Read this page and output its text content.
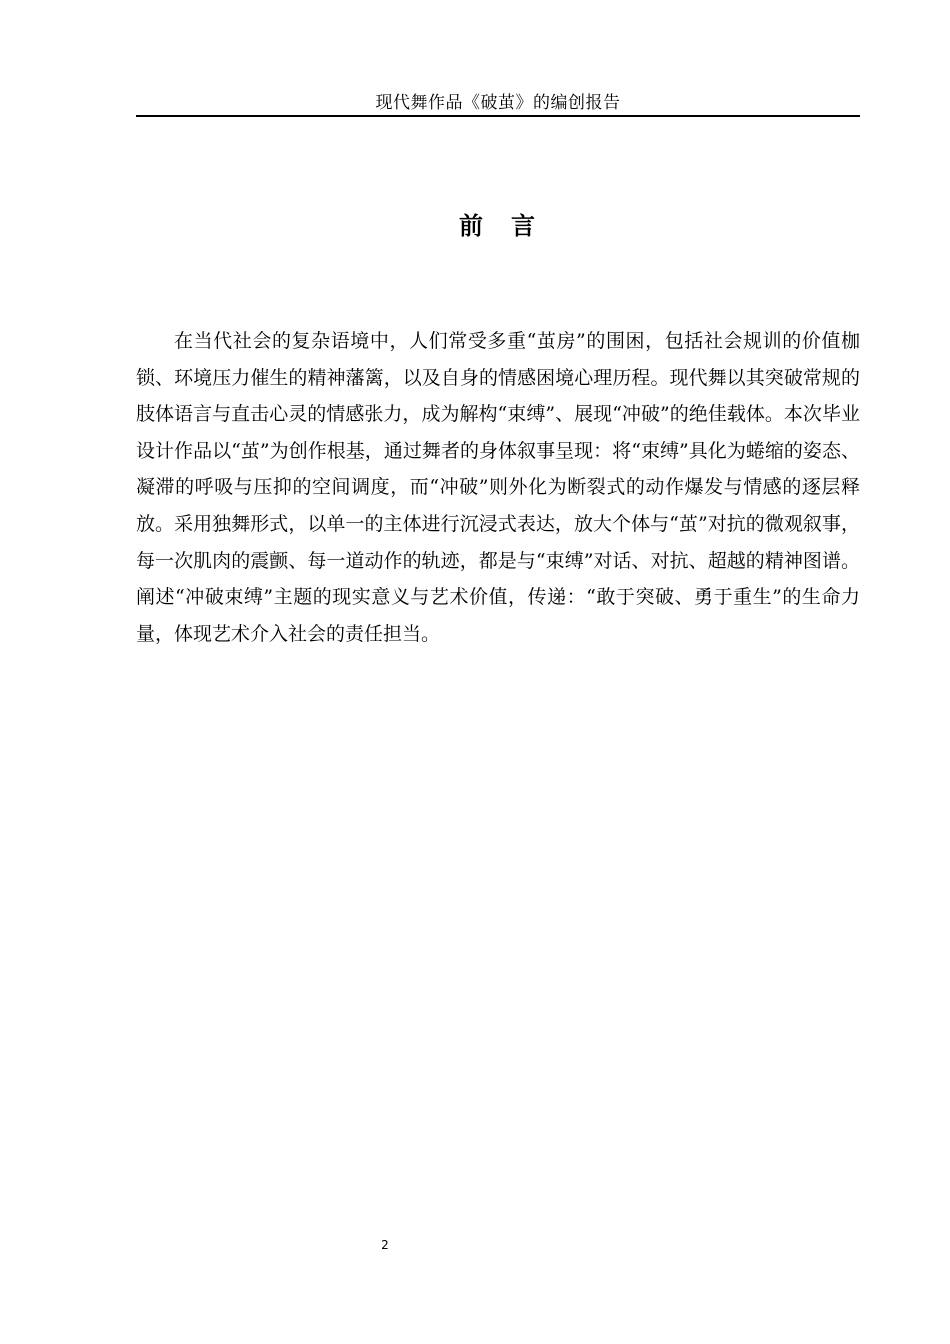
现代舞作品《破茧》的编创报告
前　言

在当代社会的复杂语境中，人们常受多重“茧房”的围困，包括社会规训的价值枷锁、环境压力催生的精神藩篱，以及自身的情感困境心理历程。现代舞以其突破常规的肢体语言与直击心灵的情感张力，成为解构“束缚”、展现“冲破”的绝佳载体。本次毕业设计作品以“茧”为创作根基，通过舞者的身体叙事呈现：将“束缚”具化为蜷缩的姿态、凝滞的呼吸与压抑的空间调度，而“冲破”则外化为断裂式的动作爆发与情感的逐层释放。采用独舞形式，以单一的主体进行沉浸式表达，放大个体与“茧”对抗的微观叙事，每一次肌肉的震颤、每一道动作的轨迹，都是与“束缚”对话、对抗、超越的精神图谱。阐述“冲破束缚”主题的现实意义与艺术价值，传递：“敢于突破、勇于重生”的生命力量，体现艺术介入社会的责任担当。

2
